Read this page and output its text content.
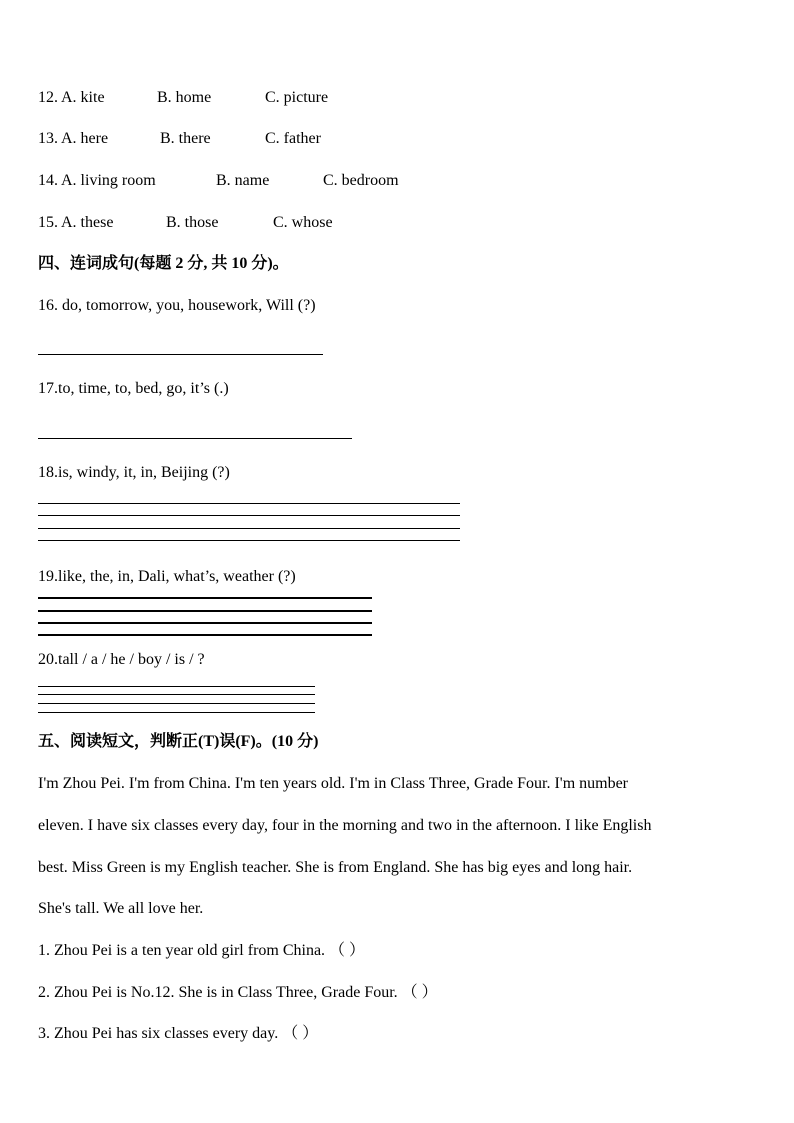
12. A. kite	B. home	C. picture
13. A. here	B. there	C. father
14. A. living room	B. name	C. bedroom
15. A. these	B. those	C. whose
四、连词成句(每题 2 分, 共 10 分)。
16. do, tomorrow, you, housework, Will (?)
17.to, time, to, bed, go, it’s (.)
18.is, windy, it, in, Beijing (?)
19.like, the, in, Dali, what’s, weather (?)
20.tall / a / he / boy / is / ?
五、阅读短文，判断正(T)误(F)。(10 分)
I'm Zhou Pei. I'm from China. I'm ten years old. I'm in Class Three, Grade Four. I'm number
eleven. I have six classes every day, four in the morning and two in the afternoon. I like English
best. Miss Green is my English teacher. She is from England. She has big eyes and long hair.
She's tall. We all love her.
1. Zhou Pei is a ten year old girl from China. （ ）
2. Zhou Pei is No.12. She is in Class Three, Grade Four. （ ）
3. Zhou Pei has six classes every day. （ ）
